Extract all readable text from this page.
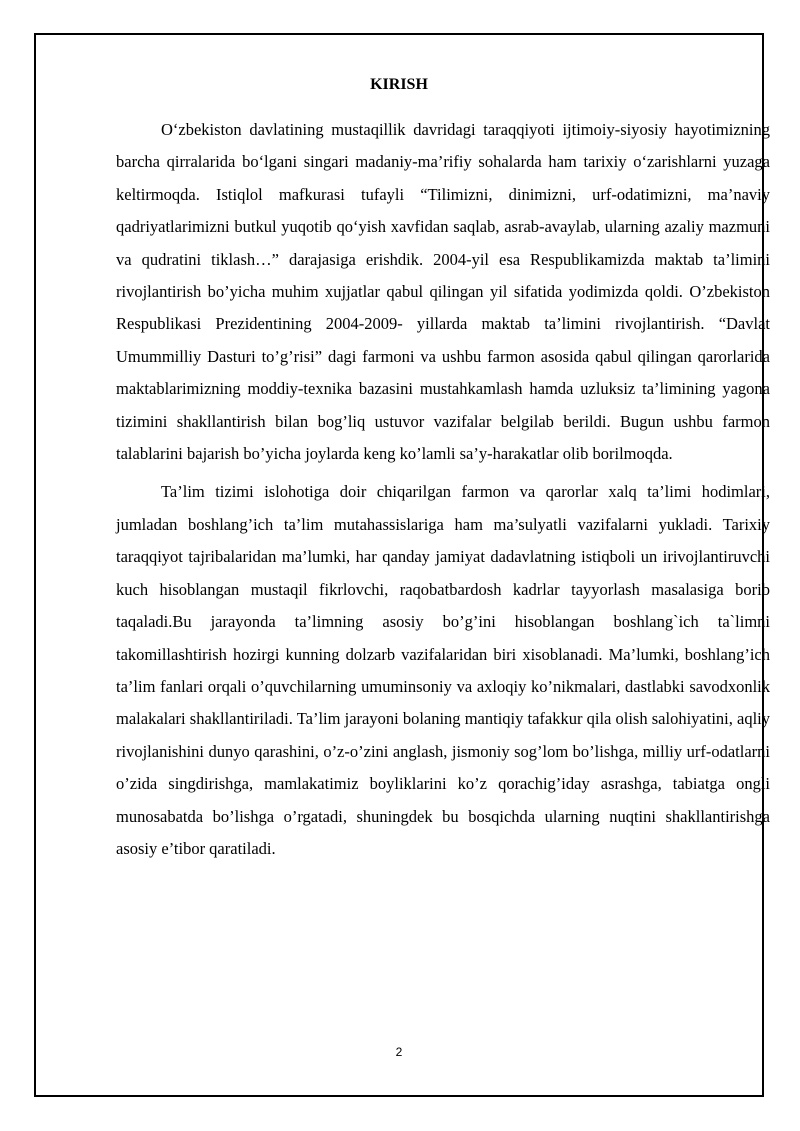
KIRISH

O‘zbekiston davlatining mustaqillik davridagi taraqqiyoti ijtimoiy-siyosiy hayotimizning barcha qirralarida bo‘lgani singari madaniy-ma’rifiy sohalarda ham tarixiy o‘zarishlarni yuzaga keltirmoqda. Istiqlol mafkurasi tufayli “Tilimizni, dinimizni, urf-odatimizni, ma’naviy qadriyatlarimizni butkul yuqotib qo‘yish xavfidan saqlab, asrab-avaylab, ularning azaliy mazmuni va qudratini tiklash…” darajasiga erishdik. 2004-yil esa Respublikamizda maktab ta’limini rivojlantirish bo’yicha muhim xujjatlar qabul qilingan yil sifatida yodimizda qoldi. O’zbekiston Respublikasi Prezidentining 2004-2009- yillarda maktab ta’limini rivojlantirish. “Davlat Umummilliy Dasturi to’g’risi” dagi farmoni va ushbu farmon asosida qabul qilingan qarorlarida maktablarimizning moddiy-texnika bazasini mustahkamlash hamda uzluksiz ta’limining yagona tizimini shakllantirish bilan bog’liq ustuvor vazifalar belgilab berildi. Bugun ushbu farmon talablarini bajarish bo’yicha joylarda keng ko’lamli sa’y-harakatlar olib borilmoqda.

Ta’lim tizimi islohotiga doir chiqarilgan farmon va qarorlar xalq ta’limi hodimlari, jumladan boshlang’ich ta’lim mutahassislariga ham ma’sulyatli vazifalarni yukladi. Tarixiy taraqqiyot tajribalaridan ma’lumki, har qanday jamiyat dadavlatning istiqboli un irivojlantiruvchi kuch hisoblangan mustaqil fikrlovchi, raqobatbardosh kadrlar tayyorlash masalasiga borib taqaladi.Bu jarayonda ta’limning asosiy bo’g’ini hisoblangan boshlang`ich ta`limni takomillashtirish hozirgi kunning dolzarb vazifalaridan biri xisoblanadi. Ma’lumki, boshlang’ich ta’lim fanlari orqali o’quvchilarning umuminsoniy va axloqiy ko’nikmalari, dastlabki savodxonlik malakalari shakllantiriladi. Ta’lim jarayoni bolaning mantiqiy tafakkur qila olish salohiyatini, aqliy rivojlanishini dunyo qarashini, o’z-o’zini anglash, jismoniy sog’lom bo’lishga, milliy urf-odatlarni o’zida singdirishga, mamlakatimiz boyliklarini ko’z qorachig’iday asrashga, tabiatga ongli munosabatda bo’lishga o’rgatadi, shuningdek bu bosqichda ularning nuqtini shakllantirishga asosiy e’tibor qaratiladi.

2
